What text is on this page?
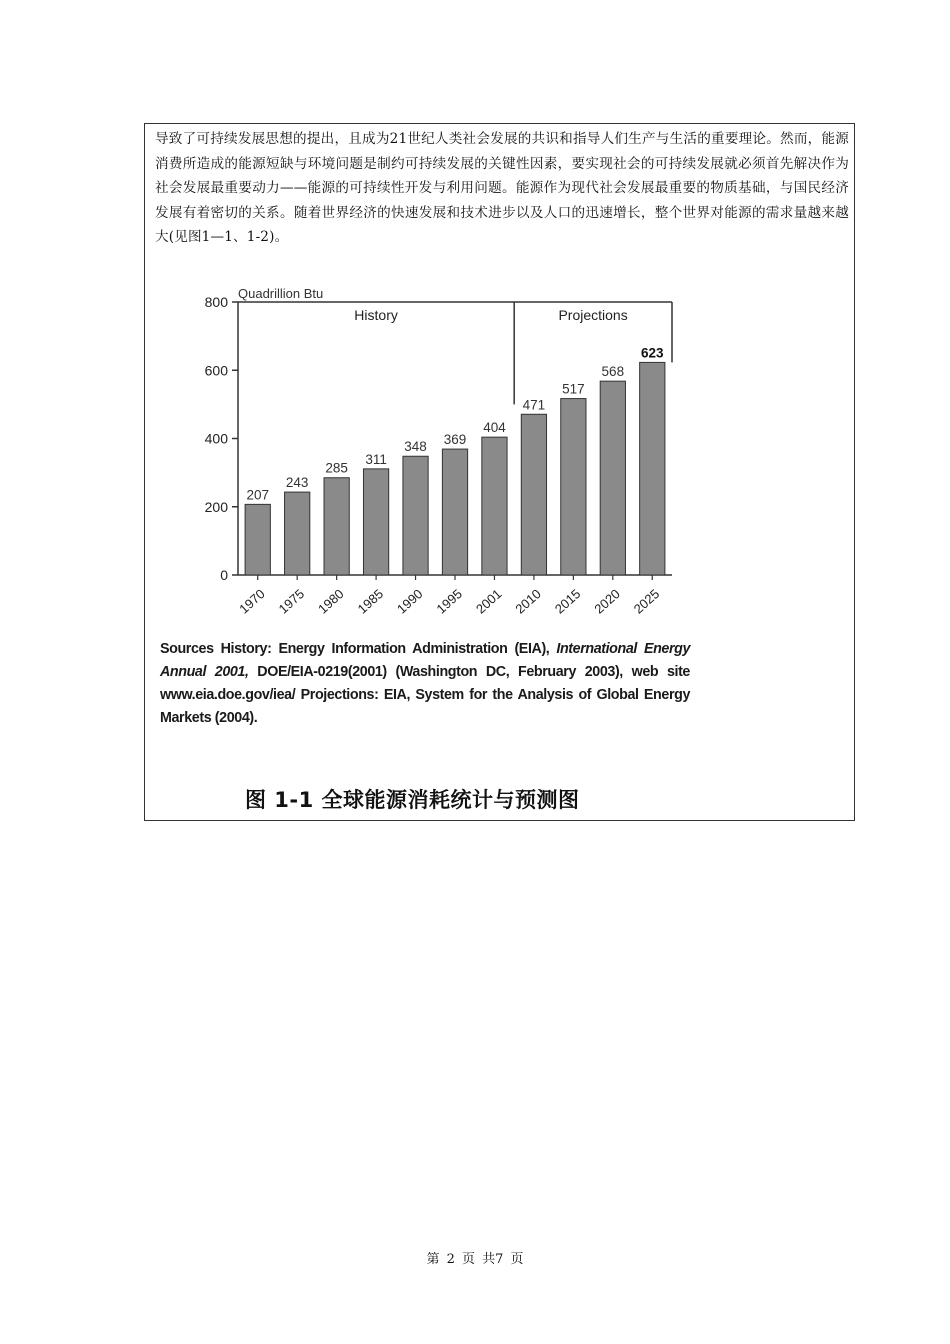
导致了可持续发展思想的提出，且成为21世纪人类社会发展的共识和指导人们生产与生活的重要理论。然而，能源消费所造成的能源短缺与环境问题是制约可持续发展的关键性因素，要实现社会的可持续发展就必须首先解决作为社会发展最重要动力——能源的可持续性开发与利用问题。能源作为现代社会发展最重要的物质基础，与国民经济发展有着密切的关系。随着世界经济的快速发展和技术进步以及人口的迅速增长，整个世界对能源的需求量越来越大(见图1—1、1-2)。

0
200
400
600
800
Quadrillion Btu
History	Projections
207
1970
243
1975
285
1980
311
1985
348
1990
369
1995
404
2001
471
2010
517
2015
568
2020
623
2025
Sources History: Energy Information Administration (EIA), International Energy Annual 2001, DOE/EIA-0219(2001) (Washington DC, February 2003), web site www.eia.doe.gov/iea/ Projections: EIA, System for the Analysis of Global Energy Markets (2004).
图 1-1 全球能源消耗统计与预测图
第 2 页 共7 页
